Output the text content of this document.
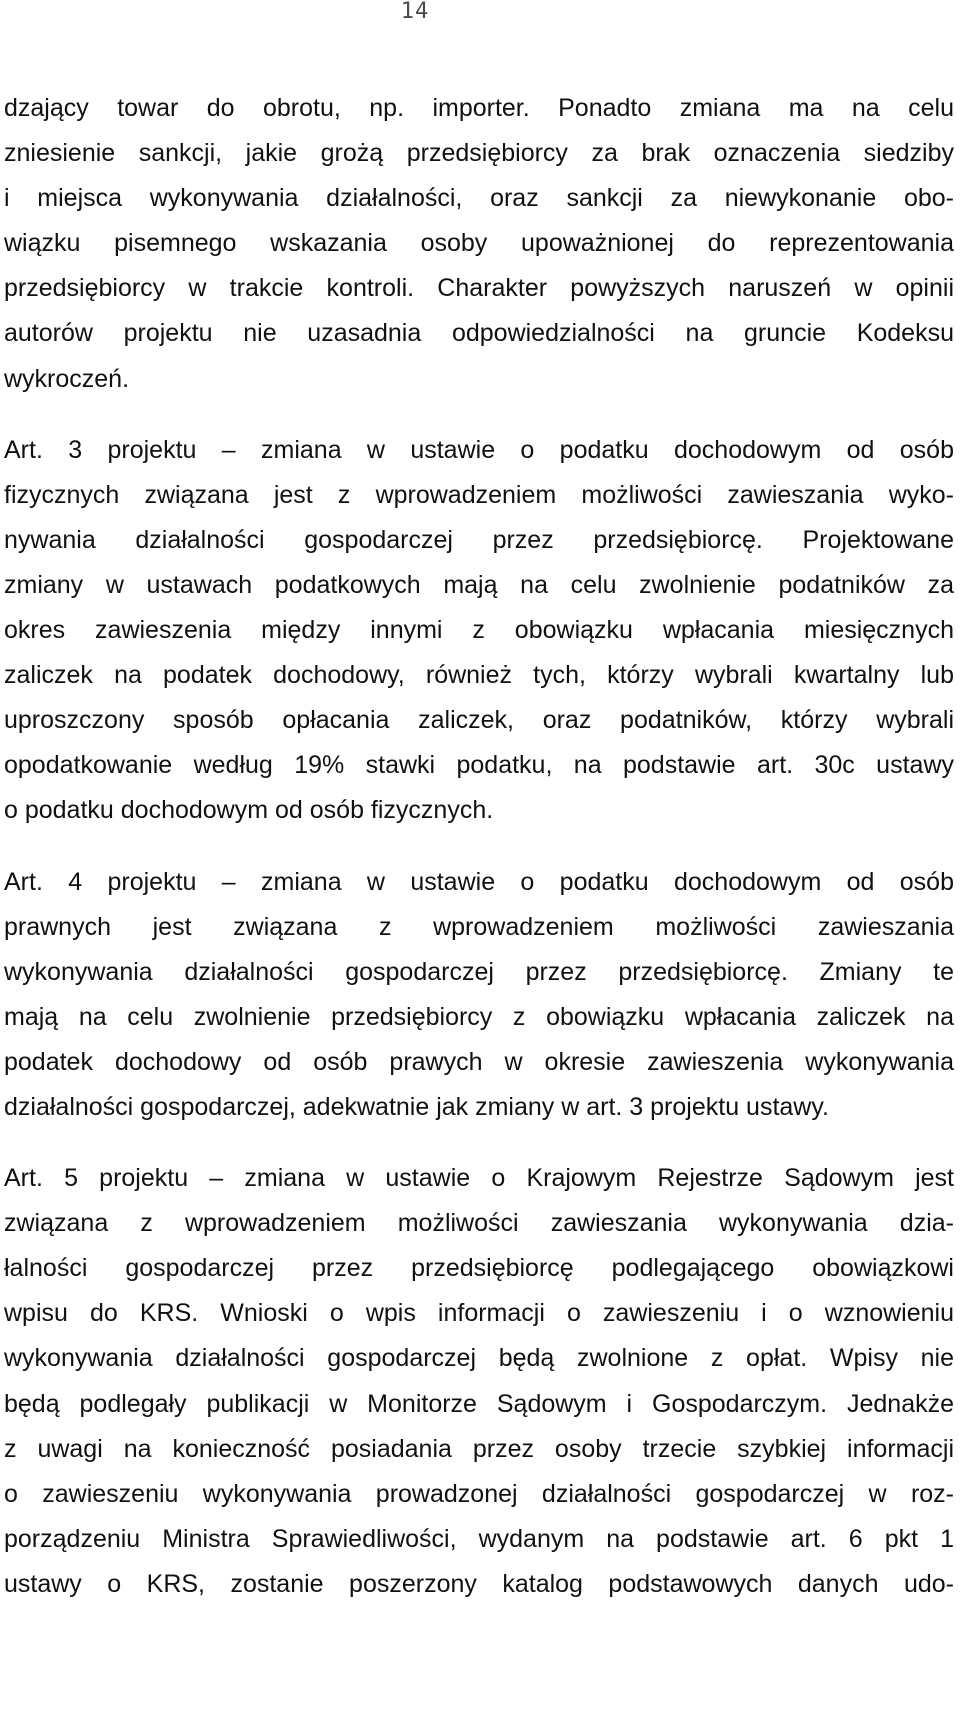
14
dzający towar do obrotu, np. importer. Ponadto zmiana ma na celu
zniesienie sankcji, jakie grożą przedsiębiorcy za brak oznaczenia siedziby
i miejsca wykonywania działalności, oraz sankcji za niewykonanie obo-
wiązku pisemnego wskazania osoby upoważnionej do reprezentowania
przedsiębiorcy w trakcie kontroli. Charakter powyższych naruszeń w opinii
autorów projektu nie uzasadnia odpowiedzialności na gruncie Kodeksu
wykroczeń.
Art. 3 projektu – zmiana w ustawie o podatku dochodowym od osób
fizycznych związana jest z wprowadzeniem możliwości zawieszania wyko-
nywania działalności gospodarczej przez przedsiębiorcę. Projektowane
zmiany w ustawach podatkowych mają na celu zwolnienie podatników za
okres zawieszenia między innymi z obowiązku wpłacania miesięcznych
zaliczek na podatek dochodowy, również tych, którzy wybrali kwartalny lub
uproszczony sposób opłacania zaliczek, oraz podatników, którzy wybrali
opodatkowanie według 19% stawki podatku, na podstawie art. 30c ustawy
o podatku dochodowym od osób fizycznych.
Art. 4 projektu – zmiana w ustawie o podatku dochodowym od osób
prawnych jest związana z wprowadzeniem możliwości zawieszania
wykonywania działalności gospodarczej przez przedsiębiorcę. Zmiany te
mają na celu zwolnienie przedsiębiorcy z obowiązku wpłacania zaliczek na
podatek dochodowy od osób prawych w okresie zawieszenia wykonywania
działalności gospodarczej, adekwatnie jak zmiany w art. 3 projektu ustawy.
Art. 5 projektu – zmiana w ustawie o Krajowym Rejestrze Sądowym jest
związana z wprowadzeniem możliwości zawieszania wykonywania dzia-
łalności gospodarczej przez przedsiębiorcę podlegającego obowiązkowi
wpisu do KRS. Wnioski o wpis informacji o zawieszeniu i o wznowieniu
wykonywania działalności gospodarczej będą zwolnione z opłat. Wpisy nie
będą podlegały publikacji w Monitorze Sądowym i Gospodarczym. Jednakże
z uwagi na konieczność posiadania przez osoby trzecie szybkiej informacji
o zawieszeniu wykonywania prowadzonej działalności gospodarczej w roz-
porządzeniu Ministra Sprawiedliwości, wydanym na podstawie art. 6 pkt 1
ustawy o KRS, zostanie poszerzony katalog podstawowych danych udo-
